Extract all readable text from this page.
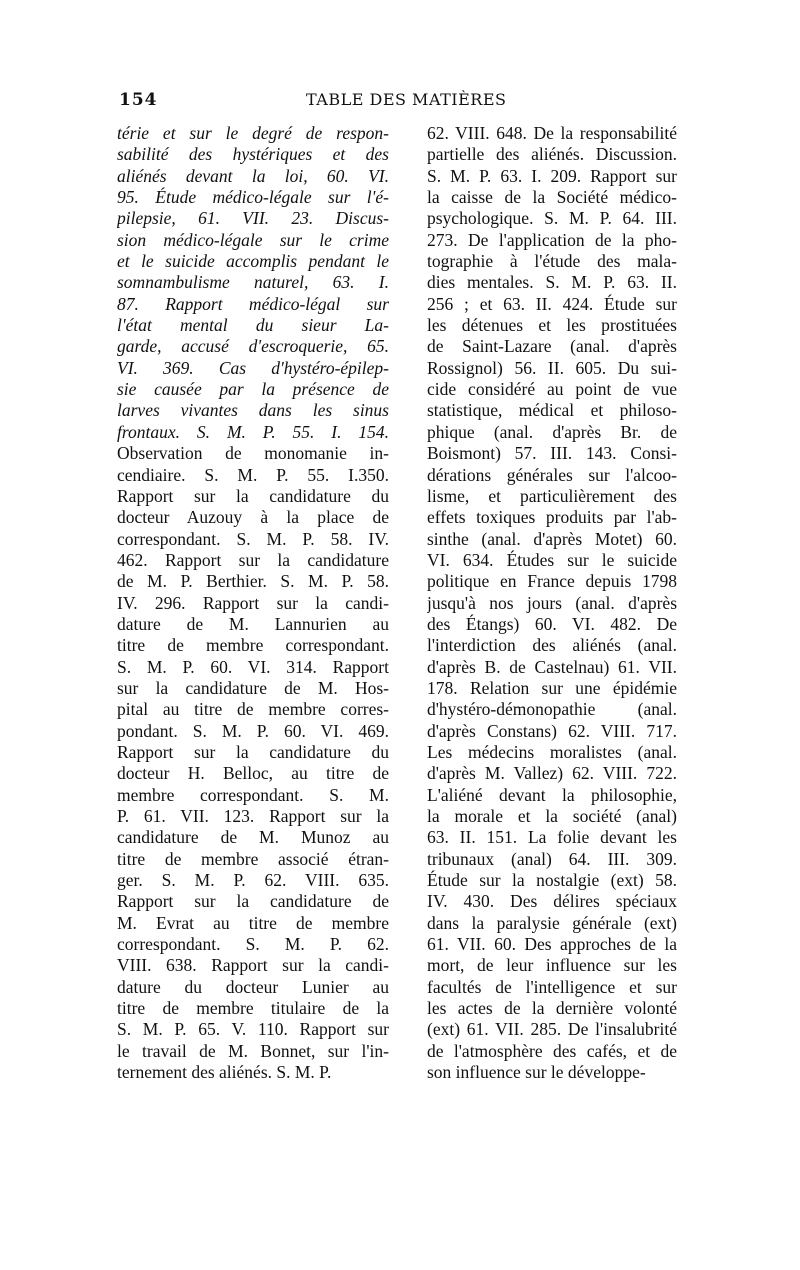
154	TABLE DES MATIÈRES
térie et sur le degré de respon-
sabilité des hystériques et des
aliénés devant la loi, 60. VI.
95. Étude médico-légale sur l'é-
pilepsie, 61. VII. 23. Discus-
sion médico-légale sur le crime
et le suicide accomplis pendant le
somnambulisme naturel, 63. I.
87. Rapport médico-légal sur
l'état mental du sieur La-
garde, accusé d'escroquerie, 65.
VI. 369. Cas d'hystéro-épilep-
sie causée par la présence de
larves vivantes dans les sinus
frontaux. S. M. P. 55. I. 154.
Observation de monomanie in-
cendiaire. S. M. P. 55. I.350.
Rapport sur la candidature du
docteur Auzouy à la place de
correspondant. S. M. P. 58. IV.
462. Rapport sur la candidature
de M. P. Berthier. S. M. P. 58.
IV. 296. Rapport sur la candi-
dature de M. Lannurien au
titre de membre correspondant.
S. M. P. 60. VI. 314. Rapport
sur la candidature de M. Hos-
pital au titre de membre corres-
pondant. S. M. P. 60. VI. 469.
Rapport sur la candidature du
docteur H. Belloc, au titre de
membre correspondant. S. M.
P. 61. VII. 123. Rapport sur la
candidature de M. Munoz au
titre de membre associé étran-
ger. S. M. P. 62. VIII. 635.
Rapport sur la candidature de
M. Evrat au titre de membre
correspondant. S. M. P. 62.
VIII. 638. Rapport sur la candi-
dature du docteur Lunier au
titre de membre titulaire de la
S. M. P. 65. V. 110. Rapport sur
le travail de M. Bonnet, sur l'in-
ternement des aliénés. S. M. P.
62. VIII. 648. De la responsabilité
partielle des aliénés. Discussion.
S. M. P. 63. I. 209. Rapport sur
la caisse de la Société médico-
psychologique. S. M. P. 64. III.
273. De l'application de la pho-
tographie à l'étude des mala-
dies mentales. S. M. P. 63. II.
256 ; et 63. II. 424. Étude sur
les détenues et les prostituées
de Saint-Lazare (anal. d'après
Rossignol) 56. II. 605. Du sui-
cide considéré au point de vue
statistique, médical et philoso-
phique (anal. d'après Br. de
Boismont) 57. III. 143. Consi-
dérations générales sur l'alcoo-
lisme, et particulièrement des
effets toxiques produits par l'ab-
sinthe (anal. d'après Motet) 60.
VI. 634. Études sur le suicide
politique en France depuis 1798
jusqu'à nos jours (anal. d'après
des Étangs) 60. VI. 482. De
l'interdiction des aliénés (anal.
d'après B. de Castelnau) 61. VII.
178. Relation sur une épidémie
d'hystéro-démonopathie (anal.
d'après Constans) 62. VIII. 717.
Les médecins moralistes (anal.
d'après M. Vallez) 62. VIII. 722.
L'aliéné devant la philosophie,
la morale et la société (anal)
63. II. 151. La folie devant les
tribunaux (anal) 64. III. 309.
Étude sur la nostalgie (ext) 58.
IV. 430. Des délires spéciaux
dans la paralysie générale (ext)
61. VII. 60. Des approches de la
mort, de leur influence sur les
facultés de l'intelligence et sur
les actes de la dernière volonté
(ext) 61. VII. 285. De l'insalubrité
de l'atmosphère des cafés, et de
son influence sur le développe-
